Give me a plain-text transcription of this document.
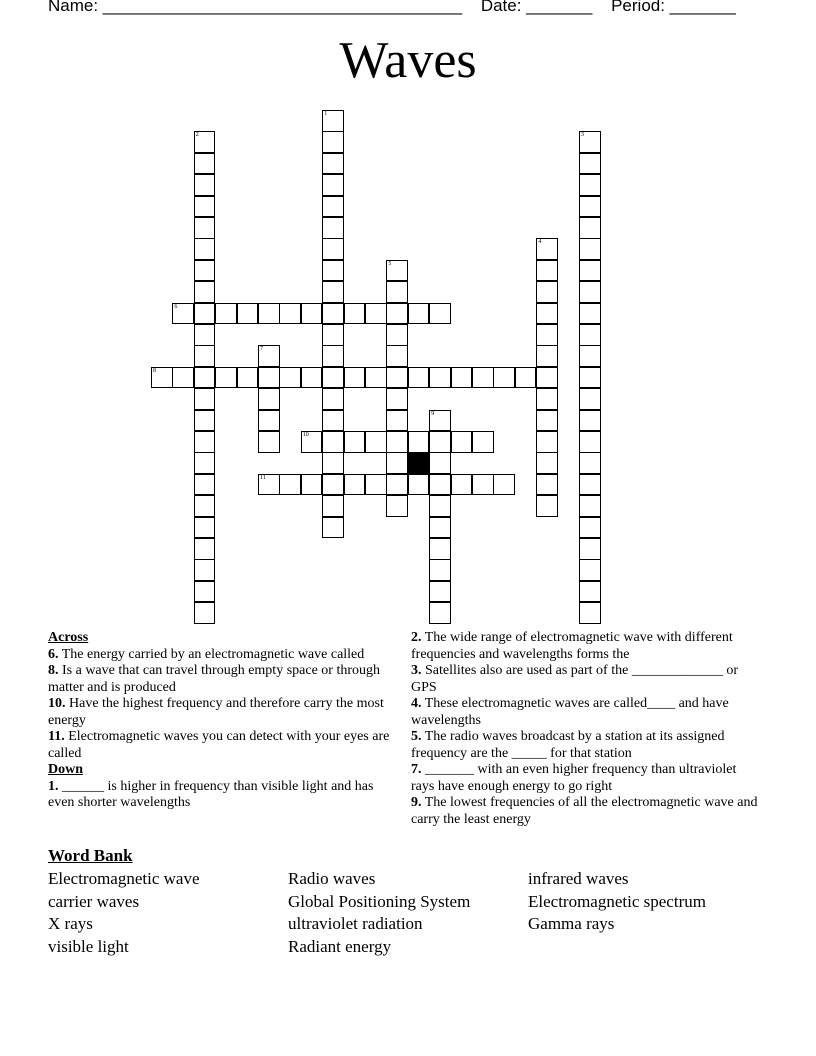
Name: ______________________________________ Date: _______ Period: _______
Waves
1
2	3
4
5
6
7
8
9
10
11
Across
6. The energy carried by an electromagnetic wave called
8. Is a wave that can travel through empty space or through matter and is produced
10. Have the highest frequency and therefore carry the most energy
11. Electromagnetic waves you can detect with your eyes are called
Down
1. ______ is higher in frequency than visible light and has even shorter wavelengths
2. The wide range of electromagnetic wave with different frequencies and wavelengths forms the
3. Satellites also are used as part of the _____________ or GPS
4. These electromagnetic waves are called____ and have wavelengths
5. The radio waves broadcast by a station at its assigned frequency are the _____ for that station
7. _______ with an even higher frequency than ultraviolet rays have enough energy to go right
9. The lowest frequencies of all the electromagnetic wave and carry the least energy
Word Bank
Electromagnetic wave	Radio waves	infrared waves
carrier waves	Global Positioning System	Electromagnetic spectrum
X rays	ultraviolet radiation	Gamma rays
visible light	Radiant energy
